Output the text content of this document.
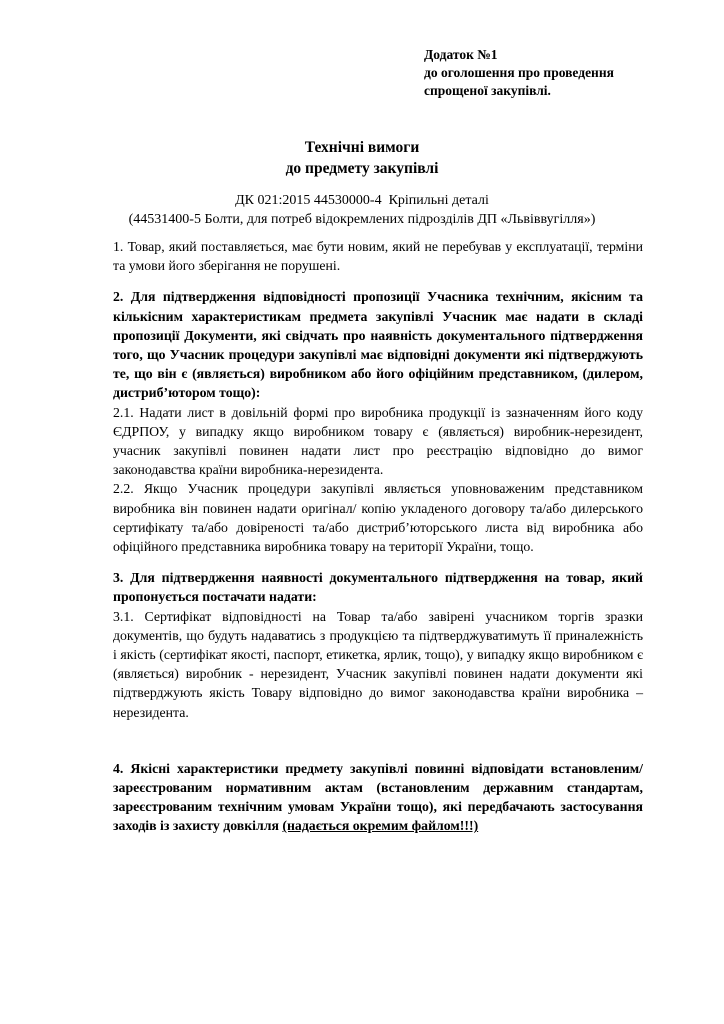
Додаток №1
до оголошення про проведення
спрощеної закупівлі.
Технічні вимоги
до предмету закупівлі
ДК 021:2015 44530000-4  Кріпильні деталі
(44531400-5 Болти, для потреб відокремлених підрозділів ДП «Львіввугілля»)

1. Товар, який поставляється, має бути новим, який не перебував у експлуатації, терміни та умови його зберігання не порушені.

2. Для підтвердження відповідності пропозиції Учасника технічним, якісним та кількісним характеристикам предмета закупівлі Учасник має надати в складі пропозиції Документи, які свідчать про наявність документального підтвердження того, що Учасник процедури закупівлі має відповідні документи які підтверджують те, що він є (являється) виробником або його офіційним представником, (дилером, дистриб’ютором тощо):

2.1. Надати лист в довільній формі про виробника продукції із зазначенням його коду ЄДРПОУ, у випадку якщо виробником товару є (являється) виробник-нерезидент, учасник закупівлі повинен надати лист про реєстрацію відповідно до вимог законодавства країни виробника-нерезидента.

2.2. Якщо Учасник процедури закупівлі являється уповноваженим представником виробника він повинен надати оригінал/ копію укладеного договору та/або дилерського сертифікату та/або довіреності та/або дистриб’юторського листа від виробника або офіційного представника виробника товару на території України, тощо.

3. Для підтвердження наявності документального підтвердження на товар, який пропонується постачати надати:

3.1. Сертифікат відповідності на Товар та/або завірені учасником торгів зразки документів, що будуть надаватись з продукцією та підтверджуватимуть її приналежність і якість (сертифікат якості, паспорт, етикетка, ярлик, тощо), у випадку якщо виробником є (являється) виробник - нерезидент, Учасник закупівлі повинен надати документи які підтверджують якість Товару відповідно до вимог законодавства країни виробника – нерезидента.

4. Якісні характеристики предмету закупівлі повинні відповідати встановленим/зареєстрованим нормативним актам (встановленим державним стандартам, зареєстрованим технічним умовам України тощо), які передбачають застосування заходів із захисту довкілля (надається окремим файлом!!!)
